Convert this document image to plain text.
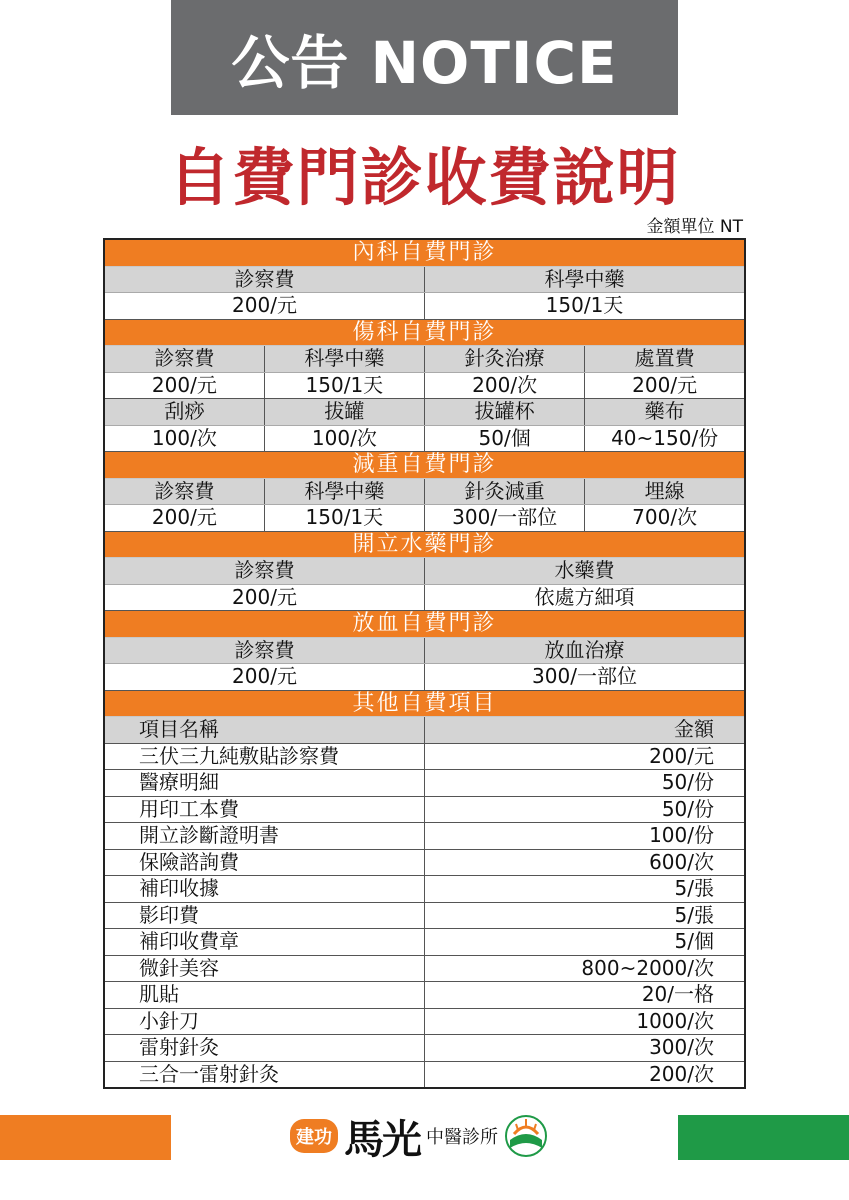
公告 NOTICE
自費門診收費說明
金額單位 NT
內科自費門診			
診察費		科學中藥	
200/元		150/1天	
傷科自費門診			
診察費	科學中藥	針灸治療	處置費
200/元	150/1天	200/次	200/元
刮痧	拔罐	拔罐杯	藥布
100/次	100/次	50/個	40~150/份
減重自費門診			
診察費	科學中藥	針灸減重	埋線
200/元	150/1天	300/一部位	700/次
開立水藥門診			
診察費		水藥費	
200/元		依處方細項	
放血自費門診			
診察費		放血治療	
200/元		300/一部位	
其他自費項目			
項目名稱		金額	
三伏三九純敷貼診察費		200/元	
醫療明細		50/份	
用印工本費		50/份	
開立診斷證明書		100/份	
保險諮詢費		600/次	
補印收據		5/張	
影印費		5/張	
補印收費章		5/個	
微針美容		800~2000/次	
肌貼		20/一格	
小針刀		1000/次	
雷射針灸		300/次	
三合一雷射針灸		200/次	
建功 馬光 中醫診所
